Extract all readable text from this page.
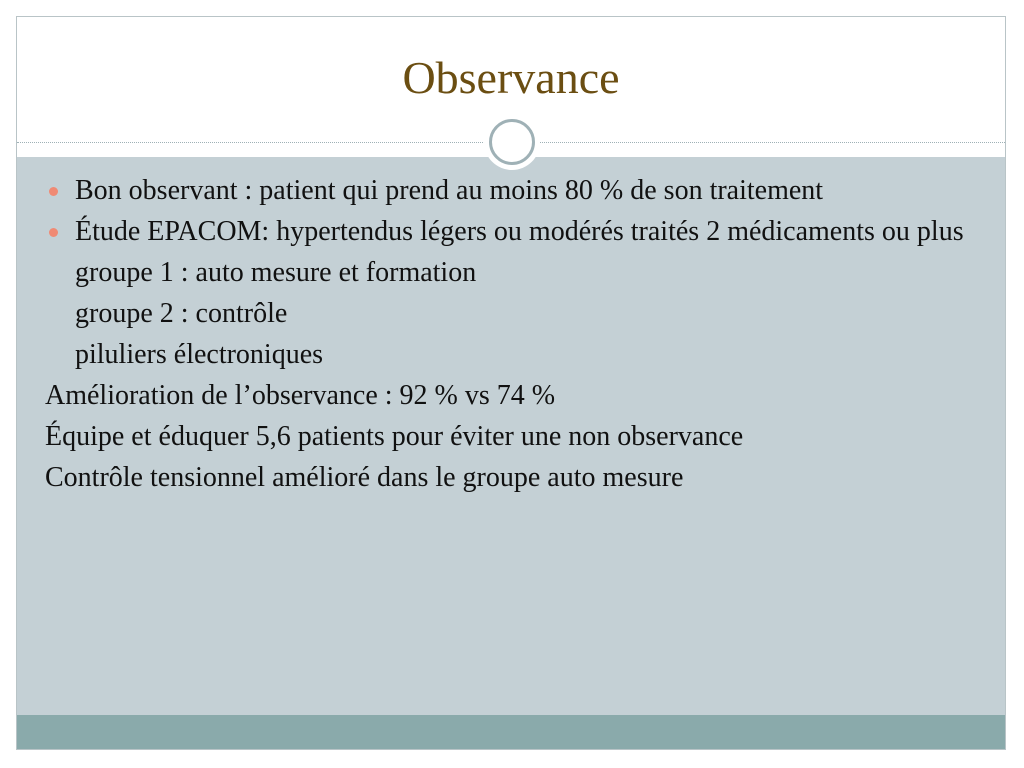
Observance
Bon observant : patient qui prend au moins 80 % de son traitement
Étude EPACOM: hypertendus légers ou modérés traités 2 médicaments ou plus
groupe 1 : auto mesure et formation
groupe 2 : contrôle
piluliers électroniques
Amélioration de l’observance : 92 % vs 74 %
Équipe et éduquer 5,6 patients pour éviter une non observance
Contrôle tensionnel amélioré dans le groupe auto mesure
